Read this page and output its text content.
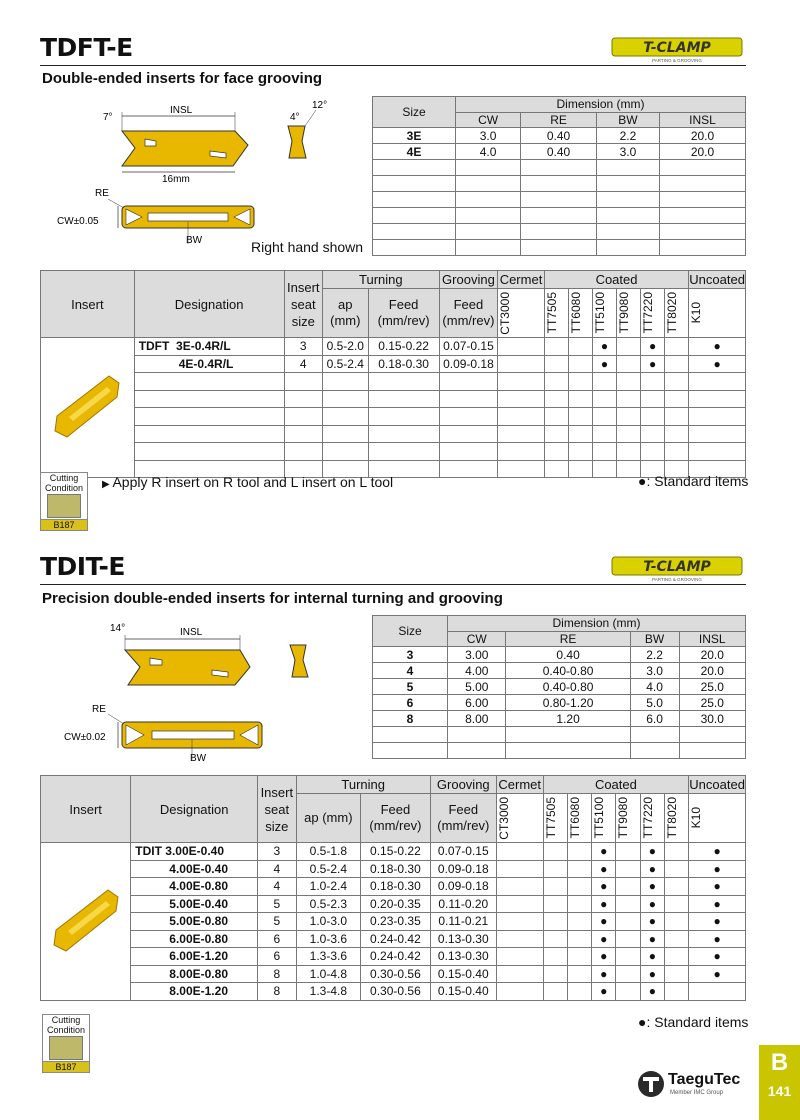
TDFT-E	T-CLAMP
PARTING & GROOVING
Double-ended inserts for face grooving
INSL
7°
16mm
4°
12°
RE
CW±0.05
BW	Right hand shown
Size	Dimension (mm)			
	CW	RE	BW	INSL
3E	3.0	0.40	2.2	20.0
4E	4.0	0.40	3.0	20.0

Insert	Designation	Insert seat size	Turning		Grooving	Cermet	Coated						Uncoated
			ap (mm)	Feed (mm/rev)	Feed (mm/rev)	CT3000	TT7505	TT6080	TT5100	TT9080	TT7220	TT8020	K10

	TDFT 3E-0.4R/L	3	0.5-2.0	0.15-0.22	0.07-0.15				●		●		●
	4E-0.4R/L	4	0.5-2.4	0.18-0.30	0.09-0.18				●		●		●

Cutting
Condition
B187
▶ Apply R insert on R tool and L insert on L tool	●: Standard items
TDIT-E	T-CLAMP
PARTING & GROOVING
Precision double-ended inserts for internal turning and grooving
INSL
14°
RE
CW±0.02
BW
Size	Dimension (mm)			
	CW	RE	BW	INSL
3	3.00	0.40	2.2	20.0
4	4.00	0.40-0.80	3.0	20.0
5	5.00	0.40-0.80	4.0	25.0
6	6.00	0.80-1.20	5.0	25.0
8	8.00	1.20	6.0	30.0

Insert	Designation	Insert seat size	Turning		Grooving	Cermet	Coated						Uncoated
			ap (mm)	Feed (mm/rev)	Feed (mm/rev)	CT3000	TT7505	TT6080	TT5100	TT9080	TT7220	TT8020	K10

	TDIT 3.00E-0.40	3	0.5-1.8	0.15-0.22	0.07-0.15				●		●		●
	4.00E-0.40	4	0.5-2.4	0.18-0.30	0.09-0.18				●		●		●
	4.00E-0.80	4	1.0-2.4	0.18-0.30	0.09-0.18				●		●		●
	5.00E-0.40	5	0.5-2.3	0.20-0.35	0.11-0.20				●		●		●
	5.00E-0.80	5	1.0-3.0	0.23-0.35	0.11-0.21				●		●		●
	6.00E-0.80	6	1.0-3.6	0.24-0.42	0.13-0.30				●		●		●
	6.00E-1.20	6	1.3-3.6	0.24-0.42	0.13-0.30				●		●		●
	8.00E-0.80	8	1.0-4.8	0.30-0.56	0.15-0.40				●		●		●
	8.00E-1.20	8	1.3-4.8	0.30-0.56	0.15-0.40				●		●		
Cutting
Condition
B187
●: Standard items
TaeguTec
Member IMC Group
B
141
